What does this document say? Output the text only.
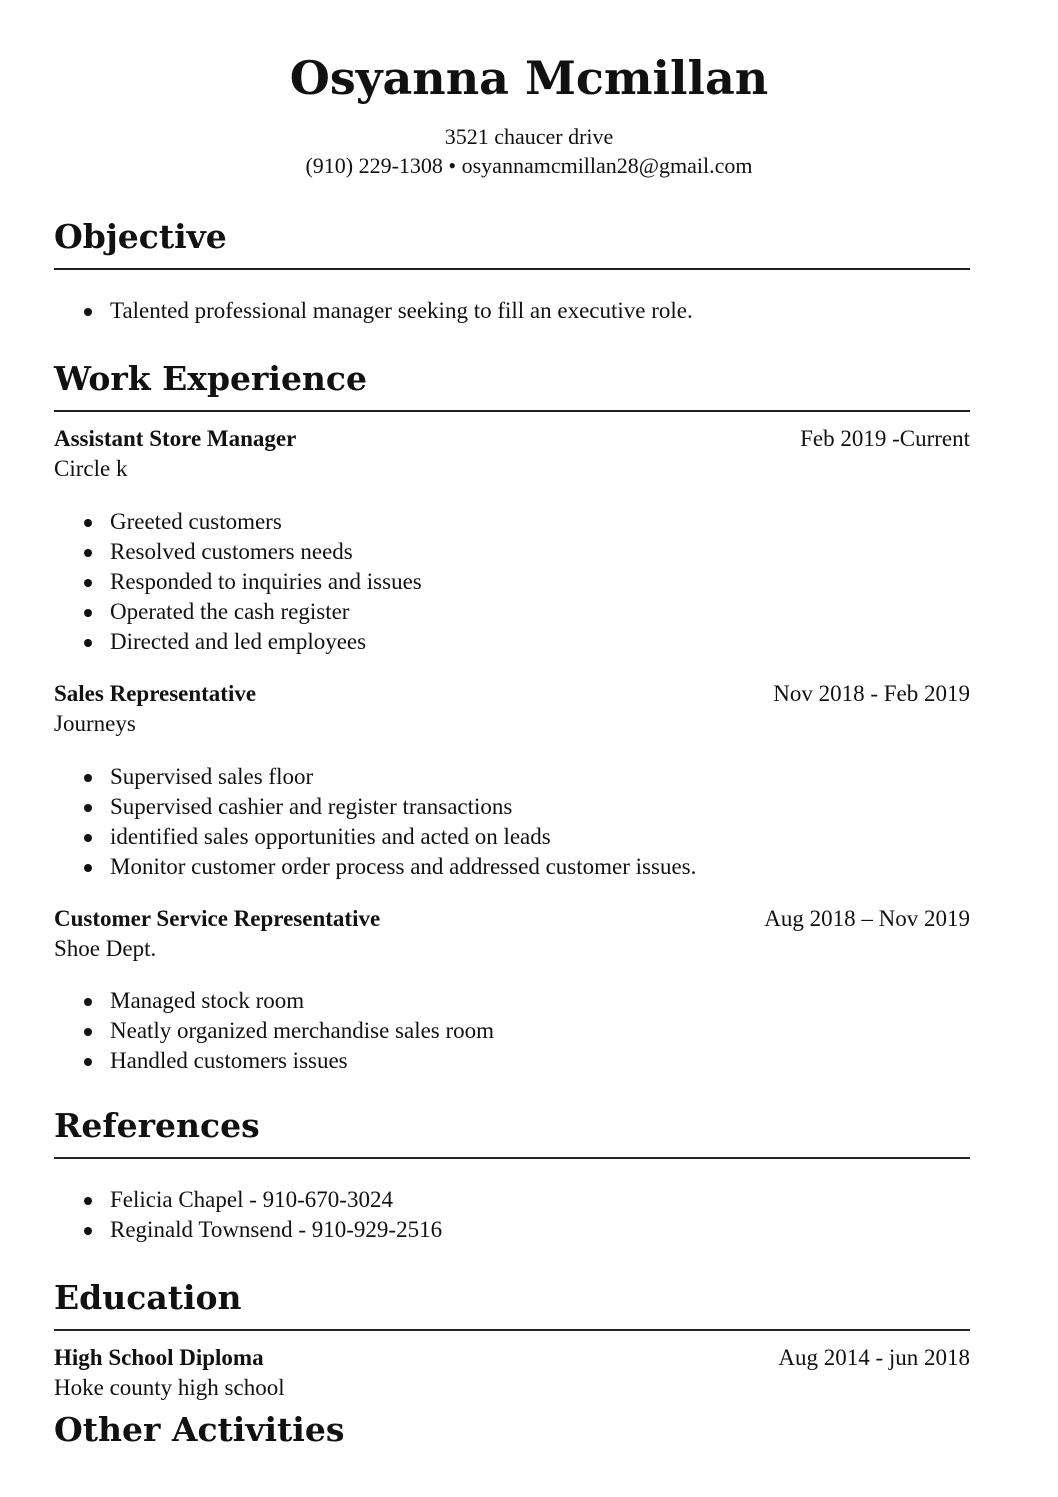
Osyanna Mcmillan
3521 chaucer drive
(910) 229-1308 • osyannamcmillan28@gmail.com
Objective
Talented professional manager seeking to fill an executive role.
Work Experience
Assistant Store Manager	Feb 2019 -Current
Circle k
Greeted customers
Resolved customers needs
Responded to inquiries and issues
Operated the cash register
Directed and led employees
Sales Representative	Nov 2018 - Feb 2019
Journeys
Supervised sales floor
Supervised cashier and register transactions
identified sales opportunities and acted on leads
Monitor customer order process and addressed customer issues.
Customer Service Representative	Aug 2018 – Nov 2019
Shoe Dept.
Managed stock room
Neatly organized merchandise sales room
Handled customers issues
References
Felicia Chapel - 910-670-3024
Reginald Townsend - 910-929-2516
Education
High School Diploma	Aug 2014 - jun 2018
Hoke county high school
Other Activities
